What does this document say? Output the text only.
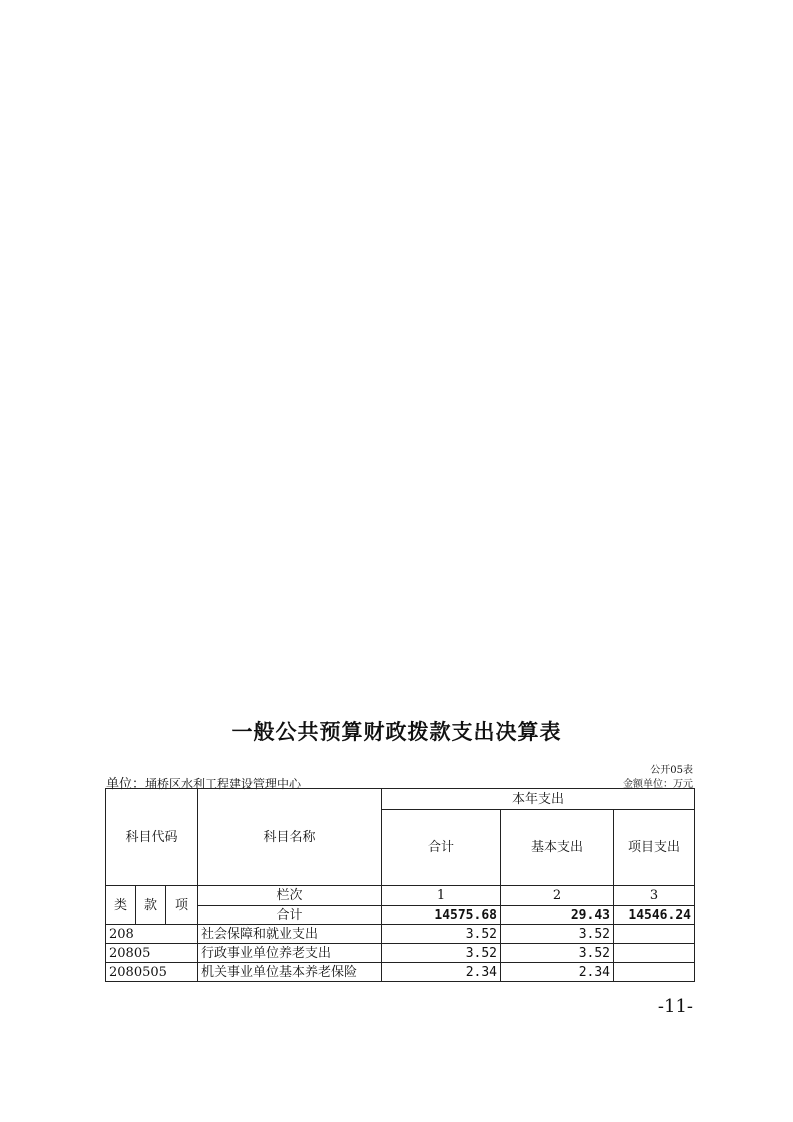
一般公共预算财政拨款支出决算表
公开05表
单位：埇桥区水利工程建设管理中心	金额单位：万元
科目代码			科目名称	本年支出		
				合计	基本支出	项目支出
类	款	项	栏次	1	2	3
			合计	14575.68	29.43	14546.24
208			社会保障和就业支出	3.52	3.52	
20805			行政事业单位养老支出	3.52	3.52	
2080505			机关事业单位基本养老保险	2.34	2.34	
-11-
